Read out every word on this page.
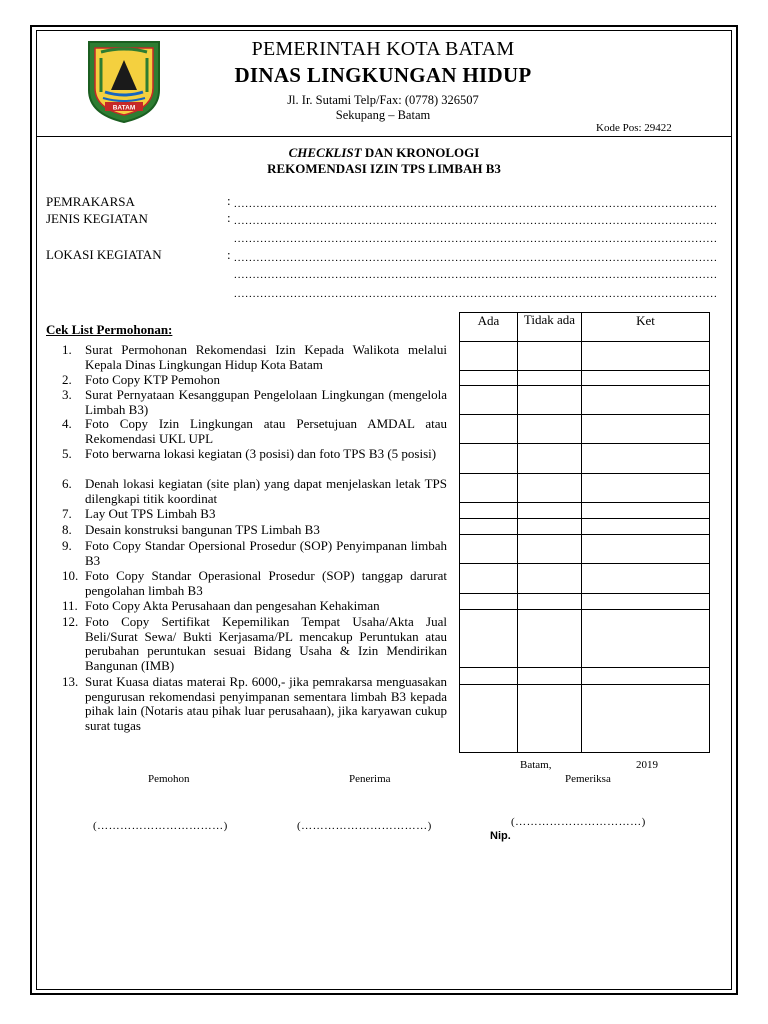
BATAM
PEMERINTAH KOTA BATAM
DINAS LINGKUNGAN HIDUP
Jl. Ir. Sutami Telp/Fax: (0778) 326507
Sekupang – Batam
Kode Pos: 29422
CHECKLIST DAN KRONOLOGI
REKOMENDASI IZIN TPS LIMBAH B3
PEMRAKARSA	:
.....
JENIS KEGIATAN	:
.....
.....
LOKASI KEGIATAN	:
.....
.....
.....
Cek List Permohonan:
1.	Surat Permohonan Rekomendasi Izin Kepada Walikota melalui Kepala Dinas Lingkungan Hidup Kota Batam
2.	Foto Copy KTP Pemohon
3.	Surat Pernyataan Kesanggupan Pengelolaan Lingkungan (mengelola Limbah B3)
4.	Foto Copy Izin Lingkungan atau Persetujuan AMDAL atau Rekomendasi UKL UPL
5.	Foto berwarna lokasi kegiatan (3 posisi) dan foto TPS B3 (5 posisi)
6.	Denah lokasi kegiatan (site plan) yang dapat menjelaskan letak TPS dilengkapi titik koordinat
7.	Lay Out TPS Limbah B3
8.	Desain konstruksi bangunan TPS Limbah B3
9.	Foto Copy Standar Opersional Prosedur (SOP) Penyimpanan limbah B3
10. Foto Copy Standar Operasional Prosedur (SOP) tanggap darurat pengolahan limbah B3
11. Foto Copy Akta Perusahaan dan pengesahan Kehakiman
12. Foto Copy Sertifikat Kepemilikan Tempat Usaha/Akta Jual Beli/Surat Sewa/ Bukti Kerjasama/PL mencakup Peruntukan atau perubahan peruntukan sesuai Bidang Usaha & Izin Mendirikan Bangunan (IMB)
13. Surat Kuasa diatas materai Rp. 6000,- jika pemrakarsa menguasakan pengurusan rekomendasi penyimpanan sementara limbah B3 kepada pihak lain (Notaris atau pihak luar perusahaan), jika karyawan cukup surat tugas
Ada	Tidak ada	Ket

Batam,	2019
Pemohon	Penerima	Pemeriksa
(……………………………)	(……………………………)	(……………………………)
Nip.
